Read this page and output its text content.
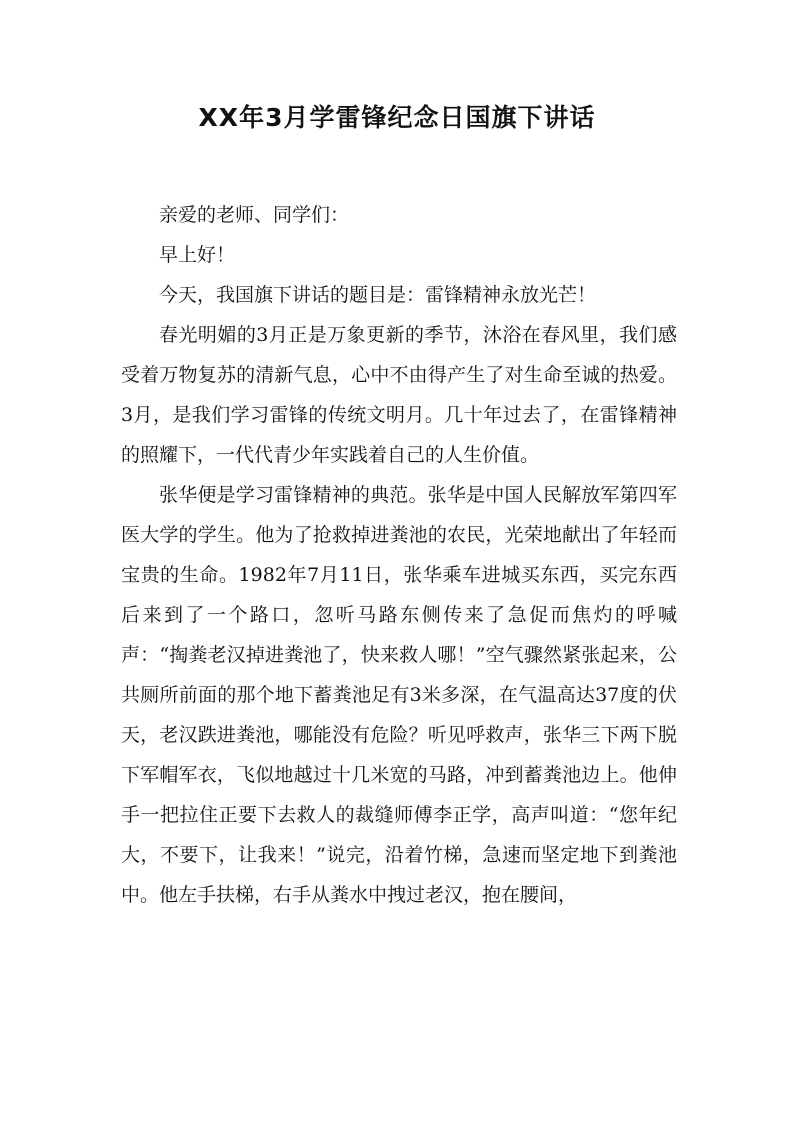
XX年3月学雷锋纪念日国旗下讲话

亲爱的老师、同学们：

早上好！

今天，我国旗下讲话的题目是：雷锋精神永放光芒！

春光明媚的3月正是万象更新的季节，沐浴在春风里，我们感受着万物复苏的清新气息，心中不由得产生了对生命至诚的热爱。3月，是我们学习雷锋的传统文明月。几十年过去了，在雷锋精神的照耀下，一代代青少年实践着自己的人生价值。

张华便是学习雷锋精神的典范。张华是中国人民解放军第四军医大学的学生。他为了抢救掉进粪池的农民，光荣地献出了年轻而宝贵的生命。1982年7月11日，张华乘车进城买东西，买完东西后来到了一个路口，忽听马路东侧传来了急促而焦灼的呼喊声：“掏粪老汉掉进粪池了，快来救人哪！”空气骤然紧张起来，公共厕所前面的那个地下蓄粪池足有3米多深，在气温高达37度的伏天，老汉跌进粪池，哪能没有危险？听见呼救声，张华三下两下脱下军帽军衣，飞似地越过十几米宽的马路，冲到蓄粪池边上。他伸手一把拉住正要下去救人的裁缝师傅李正学，高声叫道：“您年纪大，不要下，让我来！”说完，沿着竹梯，急速而坚定地下到粪池中。他左手扶梯，右手从粪水中拽过老汉，抱在腰间，
